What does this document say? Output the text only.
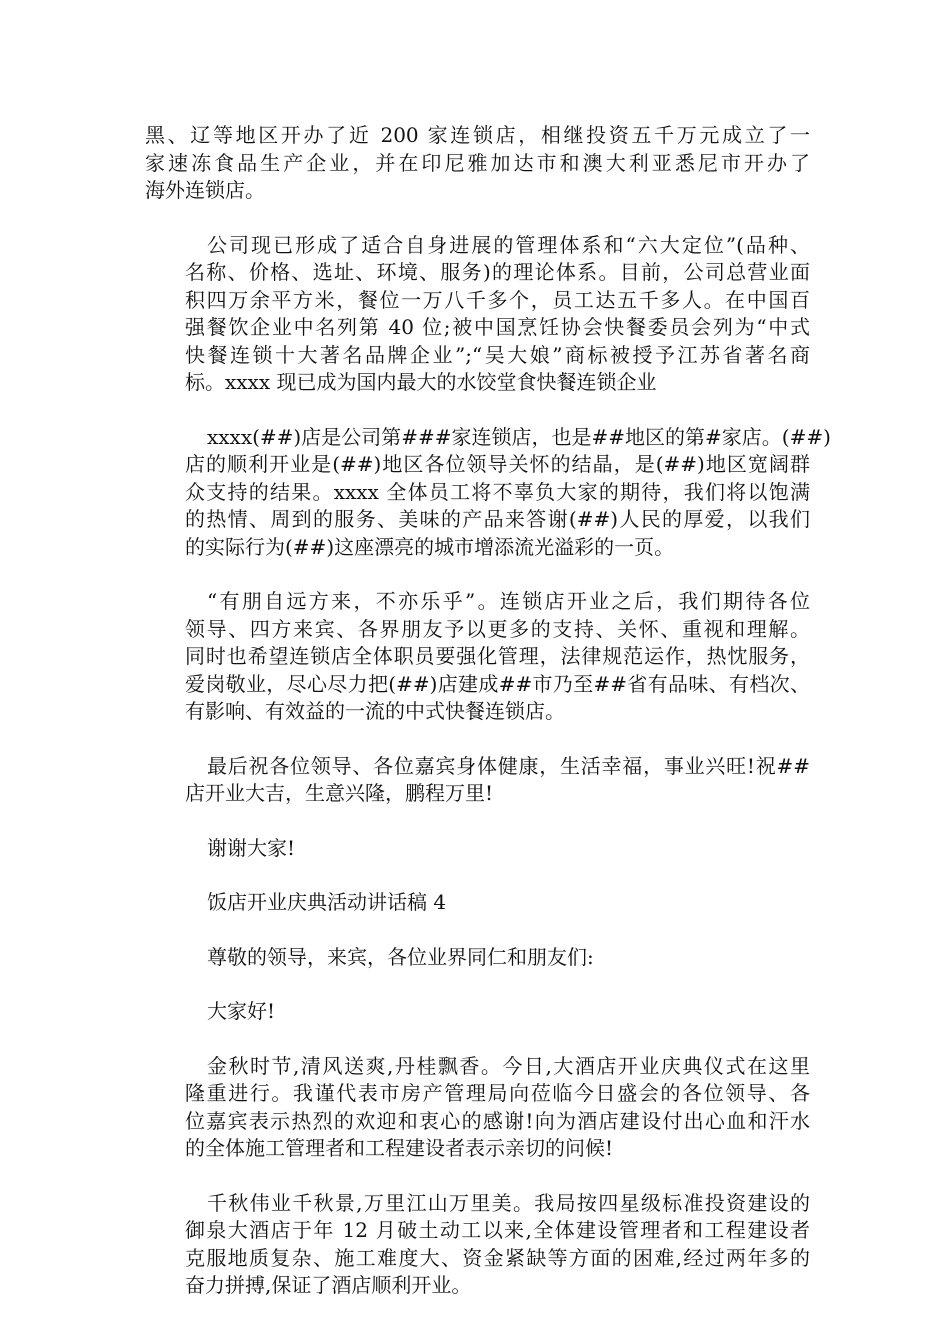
黑、辽等地区开办了近 200 家连锁店，相继投资五千万元成立了一
家速冻食品生产企业，并在印尼雅加达市和澳大利亚悉尼市开办了
海外连锁店。
公司现已形成了适合自身进展的管理体系和“六大定位”(品种、
名称、价格、选址、环境、服务)的理论体系。目前，公司总营业面
积四万余平方米，餐位一万八千多个，员工达五千多人。在中国百
强餐饮企业中名列第 40 位;被中国烹饪协会快餐委员会列为“中式
快餐连锁十大著名品牌企业”;“吴大娘”商标被授予江苏省著名商
标。xxxx 现已成为国内最大的水饺堂食快餐连锁企业
xxxx(##)店是公司第###家连锁店，也是##地区的第#家店。(##)
店的顺利开业是(##)地区各位领导关怀的结晶，是(##)地区宽阔群
众支持的结果。xxxx 全体员工将不辜负大家的期待，我们将以饱满
的热情、周到的服务、美味的产品来答谢(##)人民的厚爱，以我们
的实际行为(##)这座漂亮的城市增添流光溢彩的一页。
“有朋自远方来，不亦乐乎”。连锁店开业之后，我们期待各位
领导、四方来宾、各界朋友予以更多的支持、关怀、重视和理解。
同时也希望连锁店全体职员要强化管理，法律规范运作，热忱服务，
爱岗敬业，尽心尽力把(##)店建成##市乃至##省有品味、有档次、
有影响、有效益的一流的中式快餐连锁店。
最后祝各位领导、各位嘉宾身体健康，生活幸福，事业兴旺!祝##
店开业大吉，生意兴隆，鹏程万里!
谢谢大家!
饭店开业庆典活动讲话稿 4
尊敬的领导，来宾，各位业界同仁和朋友们:
大家好!
金秋时节,清风送爽,丹桂飘香。今日,大酒店开业庆典仪式在这里
隆重进行。我谨代表市房产管理局向莅临今日盛会的各位领导、各
位嘉宾表示热烈的欢迎和衷心的感谢!向为酒店建设付出心血和汗水
的全体施工管理者和工程建设者表示亲切的问候!
千秋伟业千秋景,万里江山万里美。我局按四星级标准投资建设的
御泉大酒店于年 12 月破土动工以来,全体建设管理者和工程建设者
克服地质复杂、施工难度大、资金紧缺等方面的困难,经过两年多的
奋力拼搏,保证了酒店顺利开业。
